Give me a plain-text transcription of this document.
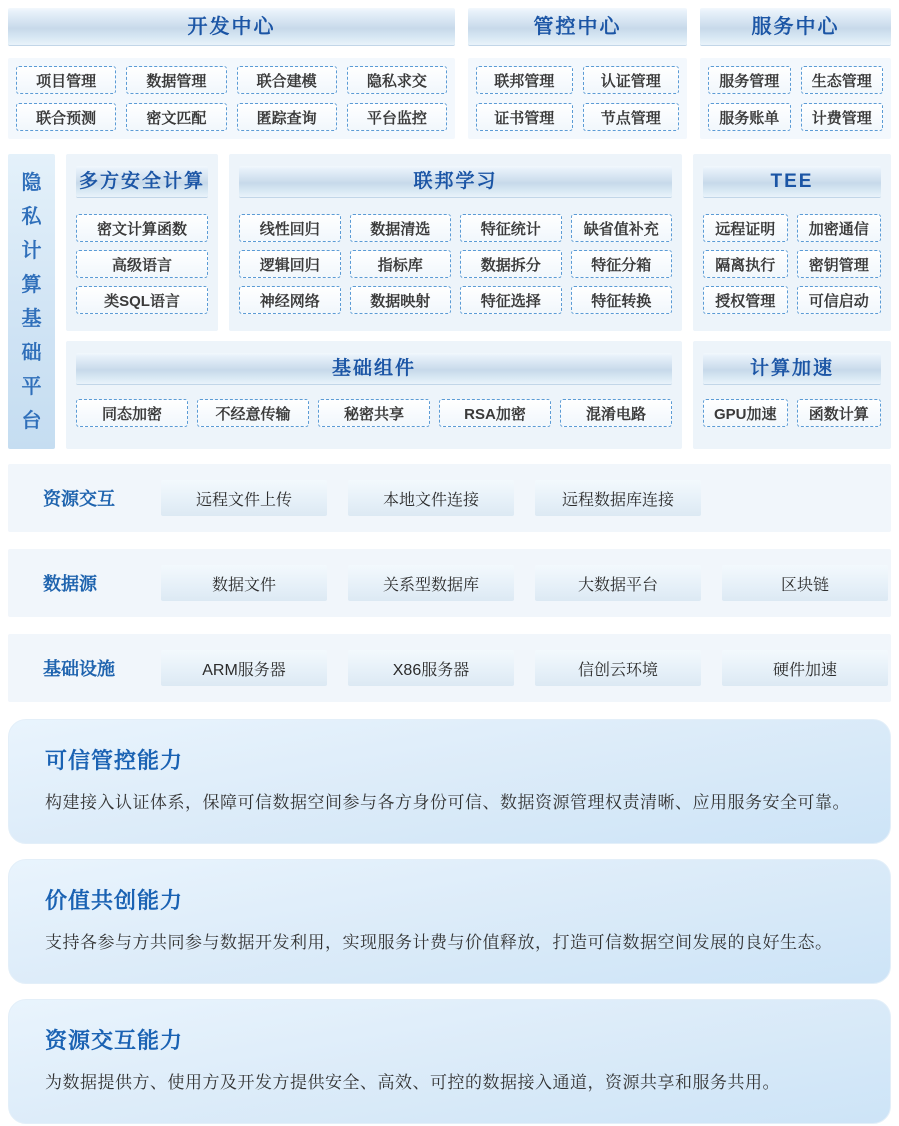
开发中心
项目管理	数据管理	联合建模	隐私求交
联合预测	密文匹配	匿踪查询	平台监控
管控中心
联邦管理	认证管理
证书管理	节点管理
服务中心
服务管理	生态管理
服务账单	计费管理
隐私计算基础平台
多方安全计算
密文计算函数
高级语言
类SQL语言
联邦学习
线性回归	数据清选	特征统计	缺省值补充
逻辑回归	指标库	数据拆分	特征分箱
神经网络	数据映射	特征选择	特征转换
TEE
远程证明	加密通信
隔离执行	密钥管理
授权管理	可信启动
基础组件
同态加密	不经意传输	秘密共享	RSA加密	混淆电路
计算加速
GPU加速	函数计算
资源交互	远程文件上传	本地文件连接	远程数据库连接
数据源	数据文件	关系型数据库	大数据平台	区块链
基础设施	ARM服务器	X86服务器	信创云环境	硬件加速
可信管控能力
构建接入认证体系，保障可信数据空间参与各方身份可信、数据资源管理权责清晰、应用服务安全可靠。
价值共创能力
支持各参与方共同参与数据开发利用，实现服务计费与价值释放，打造可信数据空间发展的良好生态。
资源交互能力
为数据提供方、使用方及开发方提供安全、高效、可控的数据接入通道，资源共享和服务共用。
